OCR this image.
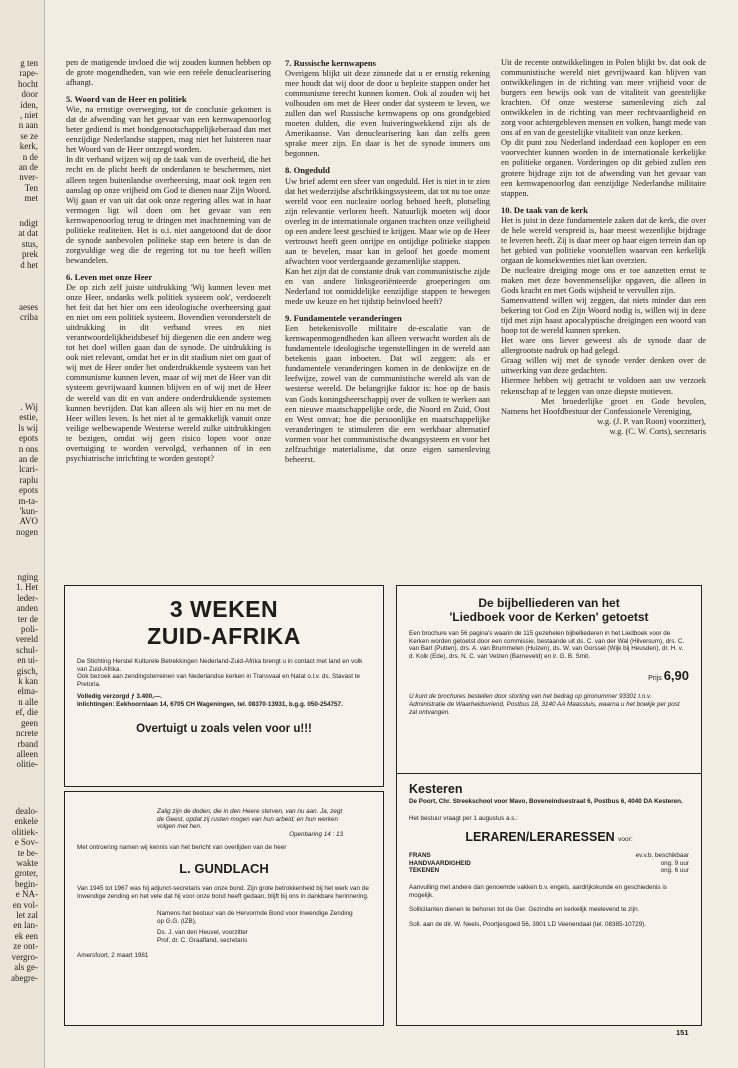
g ten
rape-
hocht
door
iden,
, niet
n aan
se ze
kerk,
n de
an de
nver-
Ten
met
ndigt
at dat
stus,
prek
d het
aeses
criba
. Wij
estie,
ls wij
epots
n ons
an de
lcari-
raplu
epots
m-ta-
'kun-
AVO
nogen
nging
1. Het
leder-
anden
ter de
poli-
vereld
schul-
en ui-
gisch,
k kan
elma-
n alle
ef, die
geen
ncrete
rband
alleen
olitie-
dealo-
enkele
olitiek-
e Sov-
te be-
wakte
groter,
begin-
e NA-
en vol-
let zal
en lan-
ek een
ze ont-
vergro-
als ge-
abegre-

pen de matigende invloed die wij zouden kunnen hebben op de grote mogendheden, van wie een reëele denuclearisering afhangt.

5. Woord van de Heer en politiek

Wie, na ernstige overweging, tot de conclusie gekomen is dat de afwending van het gevaar van een kernwapenoorlog beter gediend is met bondgenootschappelijkeberaad dan met eenzijdige Nederlandse stappen, mag niet het luisteren naar het Woord van de Heer ontzegd worden.

In dit verband wijzen wij op de taak van de overheid, die het recht en de plicht heeft de onderdanen te beschermen, niet alleen tegen buitenlandse overheersing, maar ook tegen een aanslag op onze vrijheid om God te dienen naar Zijn Woord. Wij gaan er van uit dat ook onze regering alles wat in haar vermogen ligt wil doen om het gevaar van een kernwapenoorlog terug te dringen met inachtneming van de politieke realiteiten. Het is o.i. niet aangetoond dat de door de synode aanbevolen politieke stap een betere is dan de zorgvuldige weg die de regering tot nu toe heeft willen bewandelen.

6. Leven met onze Heer

De op zich zelf juiste uitdrukking 'Wij kunnen leven met onze Heer, ondanks welk politiek systeem ook', verdoezelt het feit dat het hier om een ideologische overheersing gaat en niet om een politiek systeem. Bovendien veronderstelt de uitdrukking in dit verband vrees en niet verantwoordelijkheidsbesef bij diegenen die een andere weg tot het doel willen gaan dan de synode. De uitdrukking is ook niet relevant, omdat het er in dit stadium niet om gaat of wij met de Heer onder het onderdrukkende systeem van het communisme kunnen leven, maar of wij met de Heer van dit systeem gevrijwaard kunnen blijven en of wij met de Heer de wereld van dit en van andere onderdrukkende systemen kunnen bevrijden. Dat kan alleen als wij hier en nu met de Heer willen leven. Is het niet al te gemakkelijk vanuit onze veilige welbewapende Westerse wereld zulke uitdrukkingen te bezigen, omdat wij geen risico lopen voor onze overtuiging te worden vervolgd, verbannen of in een psychiatrische inrichting te worden gestopt?

7. Russische kernwapens

Overigens blijkt uit deze zinsnede dat u er ernstig rekening mee houdt dat wij door de door u bepleite stappen onder het communisme terecht kunnen komen. Ook al zouden wij het volhouden om met de Heer onder dat systeem te leven, we zullen dan wel Russische kernwapens op ons grondgebied moeten dulden, die even huiveringwekkend zijn als de Amerikaanse. Van denuclearisering kan dan zelfs geen sprake meer zijn. En daar is het de synode immers om begonnen.

8. Ongeduld

Uw brief ademt een sfeer van ongeduld. Het is niet in te zien dat het wederzijdse afschrikkingssysteem, dat tot nu toe onze wereld voor een nucleaire oorlog behoed heeft, plotseling zijn relevantie verloren heeft. Natuurlijk moeten wij door overleg in de internationale organen trachten onze veiligheid op een andere leest geschied te krijgen. Maar wie op de Heer vertrouwt heeft geen onrijpe en ontijdige politieke stappen aan te bevelen, maar kan in geloof het goede moment afwachten voor verdergaande gezamenlijke stappen.

Kan het zijn dat de constante druk van communistische zijde en van andere linksgeoriënteerde groeperingen om Nederland tot onmiddelijke eenzijdige stappen te bewegen mede uw keuze en het tijdstip beïnvloed heeft?

9. Fundamentele veranderingen

Een betekenisvolle militaire de-escalatie van de kernwapenmogendheden kan alleen verwacht worden als de fundamentele ideologische tegenstellingen in de wereld aan betekenis gaan inboeten. Dat wil zeggen: als er fundamentele veranderingen komen in de denkwijze en de leefwijze, zowel van de communistische wereld als van de westerse wereld. De belangrijke faktor is: hoe op de basis van Gods koningsheerschappij over de volken te werken aan een nieuwe maatschappelijke orde, die Noord en Zuid, Oost en West omvat; hoe die persoonlijke en maatschappelijke veranderingen te stimuleren die een werkbaar alternatief vormen voor het communistische dwangsysteem en voor het zelfzuchtige materialisme, dat onze eigen samenleving beheerst.

Uit de recente ontwikkelingen in Polen blijkt bv. dat ook de communistische wereld niet gevrijwaard kan blijven van ontwikkelingen in de richting van meer vrijheid voor de burgers een bewijs ook van de vitaliteit van geestelijke krachten. Of onze westerse samenleving zich zal ontwikkelen in de richting van meer rechtvaardigheid en zorg voor achtergebleven mensen en volken, hangt mede van ons af en van de geestelijke vitaliteit van onze kerken.

Op dit punt zou Nederland inderdaad een koploper en een voorvechter kunnen worden in de internationale kerkelijke en politieke organen. Vorderingen op dit gebied zullen een grotere bijdrage zijn tot de afwending van het gevaar van een kernwapenoorlog dan eenzijdige Nederlandse militaire stappen.

10. De taak van de kerk

Het is juist in deze fundamentele zaken dat de kerk, die over de hele wereld verspreid is, haar meest wezenlijke bijdrage te leveren heeft. Zij is daar meer op haar eigen terrein dan op het gebied van politieke voorstellen waarvan een kerkelijk orgaan de konsekwenties niet kan overzien.

De nucleaire dreiging moge ons er toe aanzetten ernst te maken met deze bovenmenselijke opgaven, die alleen in Gods kracht en met Gods wijsheid te vervullen zijn.

Samenvattend willen wij zeggen, dat niets minder dan een bekering tot God en Zijn Woord nodig is, willen wij in deze tijd met zijn haast apocalyptische dreigingen een woord van hoop tot de wereld kunnen spreken.

Het ware ons liever geweest als de synode daar de allergrootste nadruk op had gelegd.

Graag willen wij met de synode verder denken over de uitwerking van deze gedachten.

Hiermee hebben wij getracht te voldoen aan uw verzoek rekenschap af te leggen van onze diepste motieven.

Met broederlijke groet en Gode bevolen, Namens het Hoofdbestuur der Confessionele Vereniging,

w.g. (J. P. van Roon) voorzitter),

w.g. (C. W. Corts), secretaris

3 WEKEN
ZUID-AFRIKA
De Stichting Herstel Kulturele Betrekkingen Nederland-Zuid-Afrika brengt u in contact met land en volk van Zuid-Afrika.
Ook bezoek aan zendingsterreinen van Nederlandse kerken in Transvaal en Natal o.l.v. ds. Stavast te Pretoria.
Volledig verzorgd ƒ 3.400,—.
Inlichtingen: Eekhoornlaan 14, 6705 CH Wageningen, tel. 08370-13931, b.g.g. 050-254757.
Overtuigt u zoals velen voor u!!!
De bijbelliederen van het
'Liedboek voor de Kerken' getoetst
Een brochure van 56 pagina's waarin de 115 gezehelen bijbelliederen in het Liedboek voor de Kerken worden getoetst door een commissie, bestaande uit ds. C. van der Wal (Hilversum), drs. C. van Bart (Putten), drs. A. van Brummelen (Huizen), ds. W. van Gorssel (Wijk bij Heusden), dr. H. v. d. Kolk (Ede), drs. N. C. van Velzen (Barneveld) en ir. G. B. Smit.
Prijs 6,90
U kunt de brochures bestellen door storting van het bedrag op gironummer 93301 t.n.v. Administratie de Waarheidsvriend, Postbus 18, 3140 AA Maassluis, waarna u het boekje per post zal ontvangen.
Zalig zijn de doden, die in den Heere sterven, van nu aan. Ja, zegt de Geest, opdat zij rusten mogen van hun arbeid; en hun werken volgen met hen.
Openbaring 14 : 13
Met ontroering namen wij kennis van het bericht van overlijden van de heer
L. GUNDLACH
Van 1945 tot 1967 was hij adjunct-secretaris van onze bond. Zijn grote betrokkenheid bij het werk van de Inwendige zending en het vele dat hij voor onze bond heeft gedaan, blijft bij ons in dankbare herinnering.
Namens het bestuur van de Hervormde Bond voor Inwendige Zending op G.G. (IZB),
Ds. J. van den Heuvel, voorzitter
Prof. dr. C. Graafland, secretaris
Amersfoort, 2 maart 1981
Kesteren
De Poort, Chr. Streekschool voor Mavo, Boveneindsestraat 6, Postbus 6, 4040 DA Kesteren.
Het bestuur vraagt per 1 augustus a.s.:
LERAREN/LERARESSEN voor:
FRANS	ev.v.b. beschikbaar
HANDVAARDIGHEID	ong. 9 uur
TEKENEN	ong. 6 uur
Aanvulling met andere dan genoemde vakken b.v. engels, aardrijkskunde en geschiedenis is mogelijk.
Sollicitanten dienen te behoren tot de Ger. Gezindte en kerkelijk meelevend te zijn.
Soll. aan de dir. W. Neels, Poortjesgoed 56, 3901 LD Veenendaal (tel. 08385-10729).
151
